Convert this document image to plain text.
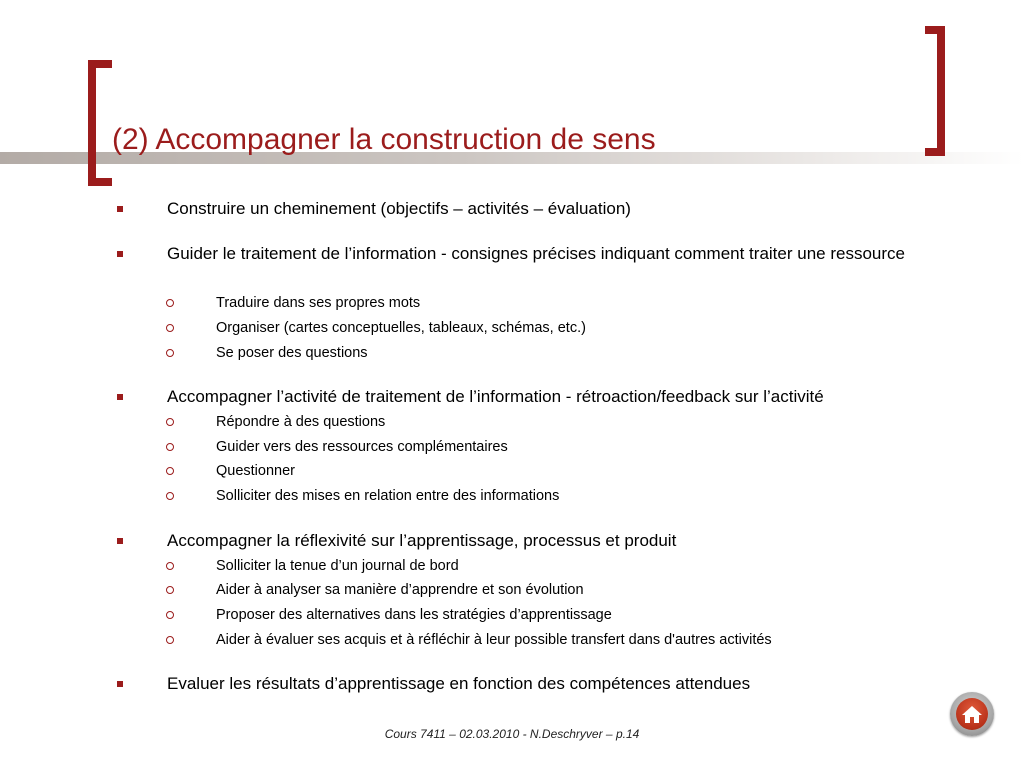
(2) Accompagner la construction de sens
Construire un cheminement (objectifs – activités – évaluation)
Guider le traitement de l’information - consignes précises indiquant comment traiter une ressource
Traduire dans ses propres mots
Organiser (cartes conceptuelles, tableaux, schémas, etc.)
Se poser des questions
Accompagner l’activité de traitement de l’information - rétroaction/feedback sur l’activité
Répondre à des questions
Guider vers des ressources complémentaires
Questionner
Solliciter des mises en relation entre des informations
Accompagner la réflexivité sur l’apprentissage, processus et produit
Solliciter la tenue d’un journal de bord
Aider à analyser sa manière d’apprendre et son évolution
Proposer des alternatives dans les stratégies d’apprentissage
Aider à évaluer ses acquis et à réfléchir à leur possible transfert dans d'autres activités
Evaluer les résultats d’apprentissage en fonction des compétences attendues
Cours 7411 – 02.03.2010 - N.Deschryver – p.14
